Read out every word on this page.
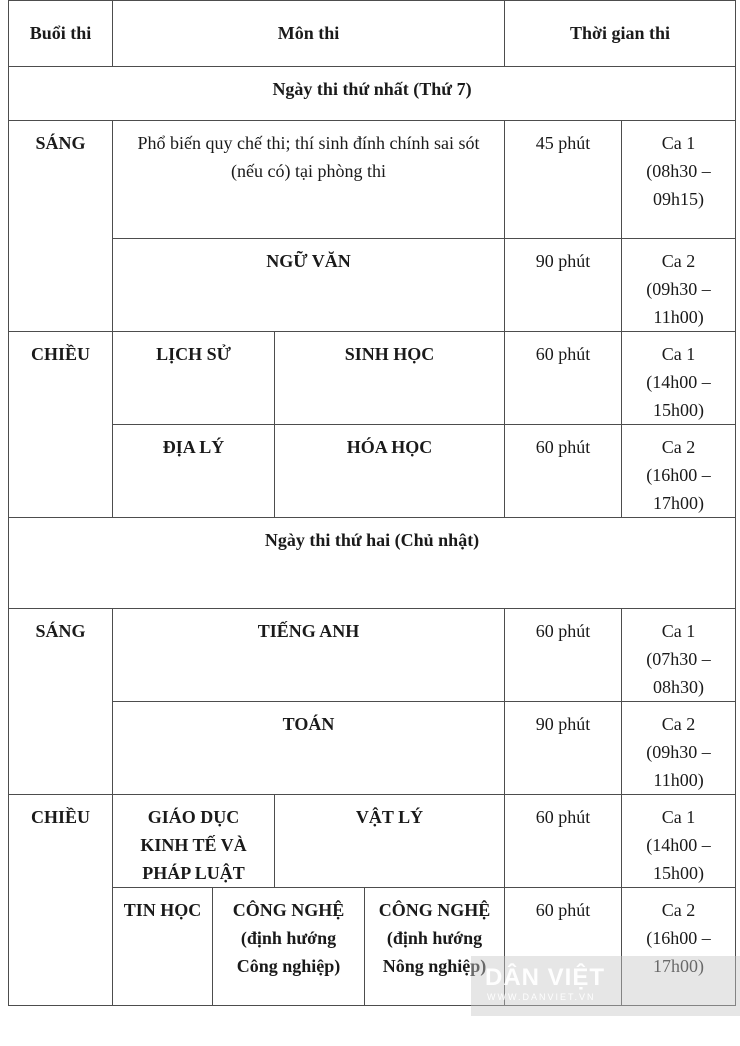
Buổi thi	Môn thi				Thời gian thi	
Ngày thi thứ nhất (Thứ 7)						
SÁNG	Phổ biến quy chế thi; thí sinh đính chính sai sót (nếu có) tại phòng thi				45 phút	Ca 1
(08h30 – 09h15)
	NGỮ VĂN				90 phút	Ca 2
(09h30 – 11h00)
CHIỀU	LỊCH SỬ		SINH HỌC		60 phút	Ca 1
(14h00 – 15h00)
	ĐỊA LÝ		HÓA HỌC		60 phút	Ca 2
(16h00 – 17h00)
Ngày thi thứ hai (Chủ nhật)						
SÁNG	TIẾNG ANH				60 phút	Ca 1
(07h30 – 08h30)
	TOÁN				90 phút	Ca 2
(09h30 – 11h00)
CHIỀU	GIÁO DỤC KINH TẾ VÀ PHÁP LUẬT		VẬT LÝ		60 phút	Ca 1
(14h00 – 15h00)
	TIN HỌC	CÔNG NGHỆ (định hướng Công nghiệp)		CÔNG NGHỆ (định hướng Nông nghiệp)	60 phút	Ca 2
(16h00 – 17h00)
DÂN VIỆT
WWW.DANVIET.VN
